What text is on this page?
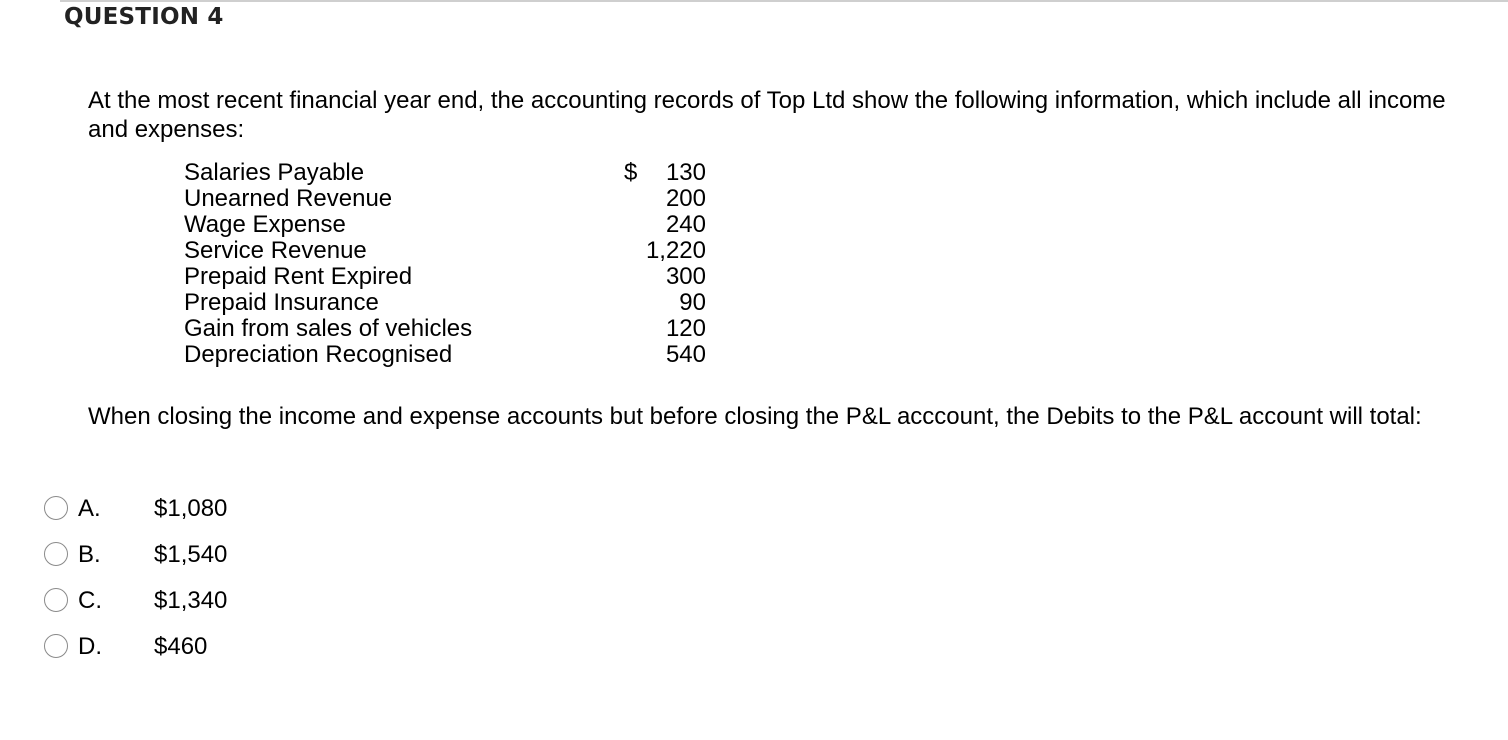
QUESTION 4
At the most recent financial year end, the accounting records of Top Ltd show the following information, which include all income and expenses:
Salaries Payable	$ 130
Unearned Revenue	200
Wage Expense	240
Service Revenue	1,220
Prepaid Rent Expired	300
Prepaid Insurance	90
Gain from sales of vehicles	120
Depreciation Recognised	540
When closing the income and expense accounts but before closing the P&L acccount, the Debits to the P&L account will total:
A. $1,080
B. $1,540
C. $1,340
D. $460
